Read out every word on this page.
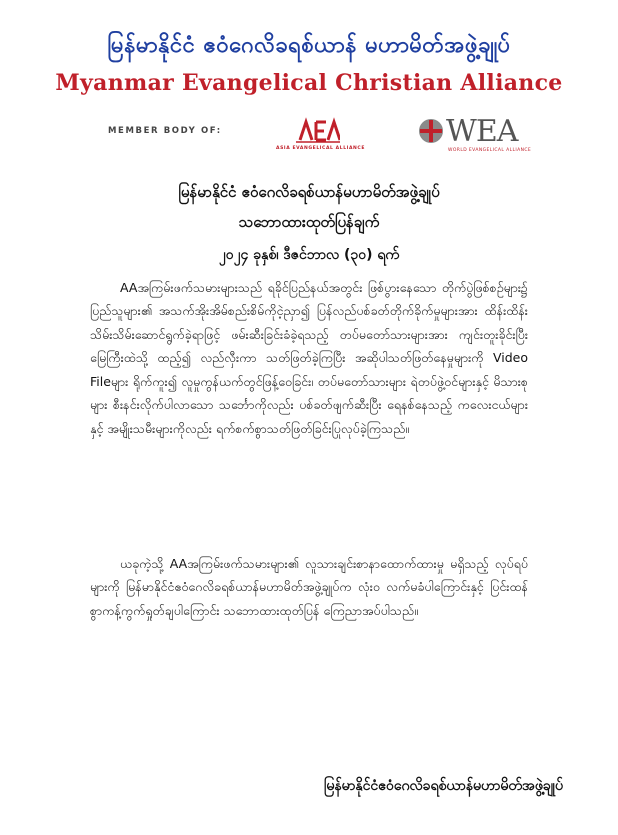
မြန်မာနိုင်ငံ ဧဝံဂေလိခရစ်ယာန် မဟာမိတ်အဖွဲ့ချုပ်
Myanmar Evangelical Christian Alliance
MEMBER BODY OF:
ASIA EVANGELICAL ALLIANCE	WEA
WORLD EVANGELICAL ALLIANCE
မြန်မာနိုင်ငံ ဧဝံဂေလိခရစ်ယာန်မဟာမိတ်အဖွဲ့ချုပ်
သဘောထားထုတ်ပြန်ချက်
၂၀၂၄ ခုနှစ်၊ ဒီဇင်ဘာလ (၃၀) ရက်

AAအကြမ်းဖက်သမားများသည် ရခိုင်ပြည်နယ်အတွင်း ဖြစ်ပွားနေသော တိုက်ပွဲဖြစ်စဉ်များ၌ ပြည်သူများ၏ အသက်အိုးအိမ်စည်းစိမ်ကိုငဲ့ညှာ၍ ပြန်လည်ပစ်ခတ်တိုက်ခိုက်မှုများအား ထိန်းထိန်းသိမ်းသိမ်းဆောင်ရွက်ခဲ့ရာဖြင့် ဖမ်းဆီးခြင်းခံခဲ့ရသည့် တပ်မတော်သားများအား ကျင်းတူးခိုင်းပြီးမြေကြီးထဲသို့ ထည့်၍ လည်လှီးကာ သတ်ဖြတ်ခဲ့ကြပြီး အဆိုပါသတ်ဖြတ်နေမှုများကို Video Fileများ ရိုက်ကူး၍ လူမှုကွန်ယက်တွင်ဖြန့်ဝေခြင်း၊ တပ်မတော်သားများ ရဲတပ်ဖွဲ့ဝင်များနှင့် မိသားစုများ စီးနင်းလိုက်ပါလာသော သင်္ဘောကိုလည်း ပစ်ခတ်ဖျက်ဆီးပြီး ရေနစ်နေသည့် ကလေးငယ်များနှင့် အမျိုးသမီးများကိုလည်း ရက်စက်စွာသတ်ဖြတ်ခြင်းပြုလုပ်ခဲ့ကြသည်။

ယခုကဲ့သို့ AAအကြမ်းဖက်သမားများ၏ လူသားချင်းစာနာထောက်ထားမှု မရှိသည့် လုပ်ရပ်များကို မြန်မာနိုင်ငံဧဝံဂေလိခရစ်ယာန်မဟာမိတ်အဖွဲ့ချုပ်က လုံးဝ လက်မခံပါကြောင်းနှင့် ပြင်းထန်စွာကန့်ကွက်ရှုတ်ချပါကြောင်း သဘောထားထုတ်ပြန် ကြေညာအပ်ပါသည်။

မြန်မာနိုင်ငံဧဝံဂေလိခရစ်ယာန်မဟာမိတ်အဖွဲ့ချုပ်
